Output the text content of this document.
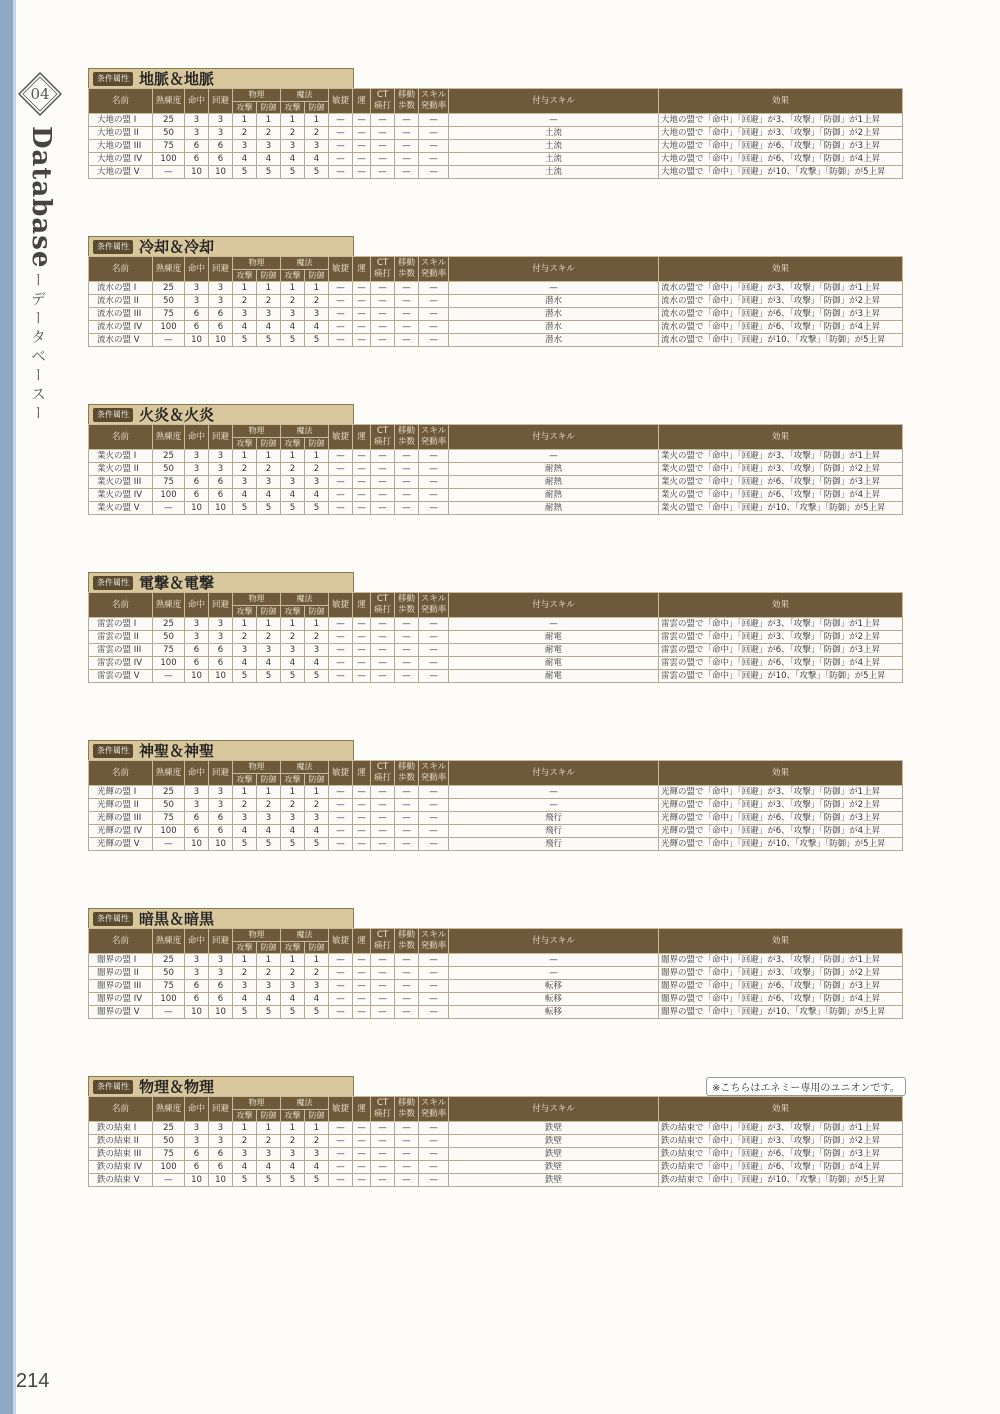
04
Database
ーデータベースー
※こちらはエネミー専用のユニオンです。
条件属性 地脈＆地脈
名前	熟練度	命中	回避	物理		魔法		敏捷	運	CT
痛打	移動
歩数	スキル
発動率	付与スキル	効果
				攻撃	防御	攻撃	防御							
大地の盟 I	25	3	3	1	1	1	1	—	—	—	—	—	—	大地の盟で「命中」「回避」が3、「攻撃」「防御」が1上昇
大地の盟 II	50	3	3	2	2	2	2	—	—	—	—	—	土流	大地の盟で「命中」「回避」が3、「攻撃」「防御」が2上昇
大地の盟 III	75	6	6	3	3	3	3	—	—	—	—	—	土流	大地の盟で「命中」「回避」が6、「攻撃」「防御」が3上昇
大地の盟 IV	100	6	6	4	4	4	4	—	—	—	—	—	土流	大地の盟で「命中」「回避」が6、「攻撃」「防御」が4上昇
大地の盟 V	—	10	10	5	5	5	5	—	—	—	—	—	土流	大地の盟で「命中」「回避」が10、「攻撃」「防御」が5上昇
条件属性 冷却＆冷却
名前	熟練度	命中	回避	物理		魔法		敏捷	運	CT
痛打	移動
歩数	スキル
発動率	付与スキル	効果
				攻撃	防御	攻撃	防御							
流水の盟 I	25	3	3	1	1	1	1	—	—	—	—	—	—	流水の盟で「命中」「回避」が3、「攻撃」「防御」が1上昇
流水の盟 II	50	3	3	2	2	2	2	—	—	—	—	—	潜水	流水の盟で「命中」「回避」が3、「攻撃」「防御」が2上昇
流水の盟 III	75	6	6	3	3	3	3	—	—	—	—	—	潜水	流水の盟で「命中」「回避」が6、「攻撃」「防御」が3上昇
流水の盟 IV	100	6	6	4	4	4	4	—	—	—	—	—	潜水	流水の盟で「命中」「回避」が6、「攻撃」「防御」が4上昇
流水の盟 V	—	10	10	5	5	5	5	—	—	—	—	—	潜水	流水の盟で「命中」「回避」が10、「攻撃」「防御」が5上昇
条件属性 火炎＆火炎
名前	熟練度	命中	回避	物理		魔法		敏捷	運	CT
痛打	移動
歩数	スキル
発動率	付与スキル	効果
				攻撃	防御	攻撃	防御							
業火の盟 I	25	3	3	1	1	1	1	—	—	—	—	—	—	業火の盟で「命中」「回避」が3、「攻撃」「防御」が1上昇
業火の盟 II	50	3	3	2	2	2	2	—	—	—	—	—	耐熱	業火の盟で「命中」「回避」が3、「攻撃」「防御」が2上昇
業火の盟 III	75	6	6	3	3	3	3	—	—	—	—	—	耐熱	業火の盟で「命中」「回避」が6、「攻撃」「防御」が3上昇
業火の盟 IV	100	6	6	4	4	4	4	—	—	—	—	—	耐熱	業火の盟で「命中」「回避」が6、「攻撃」「防御」が4上昇
業火の盟 V	—	10	10	5	5	5	5	—	—	—	—	—	耐熱	業火の盟で「命中」「回避」が10、「攻撃」「防御」が5上昇
条件属性 電撃＆電撃
名前	熟練度	命中	回避	物理		魔法		敏捷	運	CT
痛打	移動
歩数	スキル
発動率	付与スキル	効果
				攻撃	防御	攻撃	防御							
雷雲の盟 I	25	3	3	1	1	1	1	—	—	—	—	—	—	雷雲の盟で「命中」「回避」が3、「攻撃」「防御」が1上昇
雷雲の盟 II	50	3	3	2	2	2	2	—	—	—	—	—	耐電	雷雲の盟で「命中」「回避」が3、「攻撃」「防御」が2上昇
雷雲の盟 III	75	6	6	3	3	3	3	—	—	—	—	—	耐電	雷雲の盟で「命中」「回避」が6、「攻撃」「防御」が3上昇
雷雲の盟 IV	100	6	6	4	4	4	4	—	—	—	—	—	耐電	雷雲の盟で「命中」「回避」が6、「攻撃」「防御」が4上昇
雷雲の盟 V	—	10	10	5	5	5	5	—	—	—	—	—	耐電	雷雲の盟で「命中」「回避」が10、「攻撃」「防御」が5上昇
条件属性 神聖＆神聖
名前	熟練度	命中	回避	物理		魔法		敏捷	運	CT
痛打	移動
歩数	スキル
発動率	付与スキル	効果
				攻撃	防御	攻撃	防御							
光輝の盟 I	25	3	3	1	1	1	1	—	—	—	—	—	—	光輝の盟で「命中」「回避」が3、「攻撃」「防御」が1上昇
光輝の盟 II	50	3	3	2	2	2	2	—	—	—	—	—	—	光輝の盟で「命中」「回避」が3、「攻撃」「防御」が2上昇
光輝の盟 III	75	6	6	3	3	3	3	—	—	—	—	—	飛行	光輝の盟で「命中」「回避」が6、「攻撃」「防御」が3上昇
光輝の盟 IV	100	6	6	4	4	4	4	—	—	—	—	—	飛行	光輝の盟で「命中」「回避」が6、「攻撃」「防御」が4上昇
光輝の盟 V	—	10	10	5	5	5	5	—	—	—	—	—	飛行	光輝の盟で「命中」「回避」が10、「攻撃」「防御」が5上昇
条件属性 暗黒＆暗黒
名前	熟練度	命中	回避	物理		魔法		敏捷	運	CT
痛打	移動
歩数	スキル
発動率	付与スキル	効果
				攻撃	防御	攻撃	防御							
闇界の盟 I	25	3	3	1	1	1	1	—	—	—	—	—	—	闇界の盟で「命中」「回避」が3、「攻撃」「防御」が1上昇
闇界の盟 II	50	3	3	2	2	2	2	—	—	—	—	—	—	闇界の盟で「命中」「回避」が3、「攻撃」「防御」が2上昇
闇界の盟 III	75	6	6	3	3	3	3	—	—	—	—	—	転移	闇界の盟で「命中」「回避」が6、「攻撃」「防御」が3上昇
闇界の盟 IV	100	6	6	4	4	4	4	—	—	—	—	—	転移	闇界の盟で「命中」「回避」が6、「攻撃」「防御」が4上昇
闇界の盟 V	—	10	10	5	5	5	5	—	—	—	—	—	転移	闇界の盟で「命中」「回避」が10、「攻撃」「防御」が5上昇
条件属性 物理＆物理
名前	熟練度	命中	回避	物理		魔法		敏捷	運	CT
痛打	移動
歩数	スキル
発動率	付与スキル	効果
				攻撃	防御	攻撃	防御							
鉄の結束 I	25	3	3	1	1	1	1	—	—	—	—	—	鉄壁	鉄の結束で「命中」「回避」が3、「攻撃」「防御」が1上昇
鉄の結束 II	50	3	3	2	2	2	2	—	—	—	—	—	鉄壁	鉄の結束で「命中」「回避」が3、「攻撃」「防御」が2上昇
鉄の結束 III	75	6	6	3	3	3	3	—	—	—	—	—	鉄壁	鉄の結束で「命中」「回避」が6、「攻撃」「防御」が3上昇
鉄の結束 IV	100	6	6	4	4	4	4	—	—	—	—	—	鉄壁	鉄の結束で「命中」「回避」が6、「攻撃」「防御」が4上昇
鉄の結束 V	—	10	10	5	5	5	5	—	—	—	—	—	鉄壁	鉄の結束で「命中」「回避」が10、「攻撃」「防御」が5上昇
214
